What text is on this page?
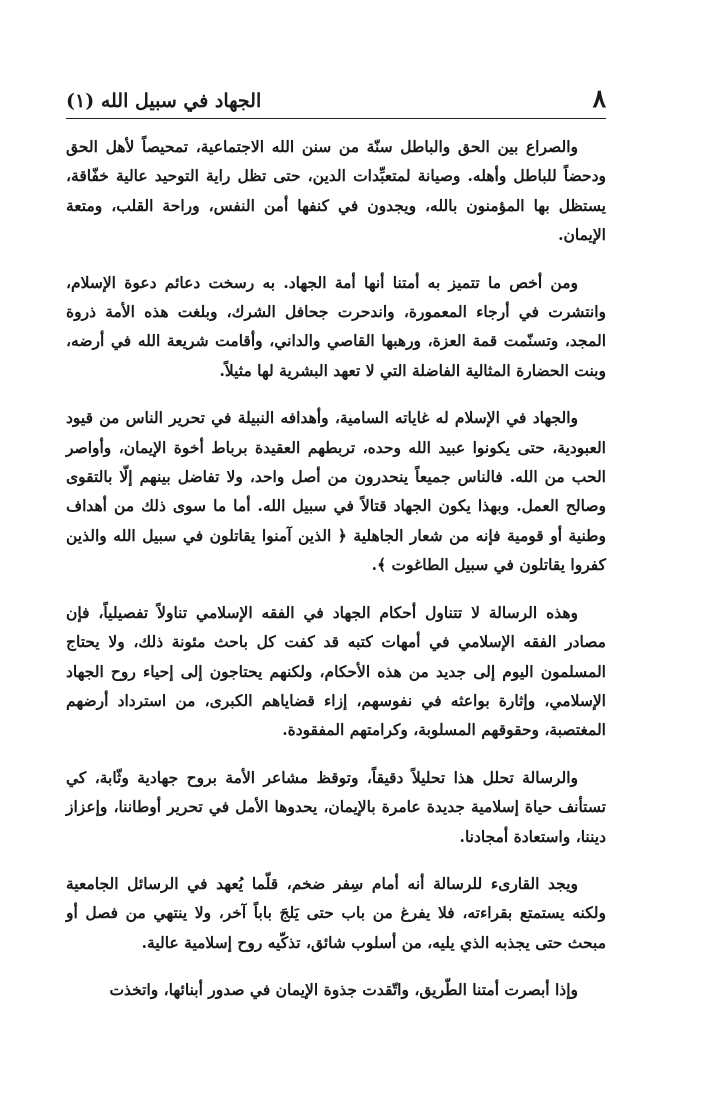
٨
الجهاد في سبيل الله (١)

والصراع بين الحق والباطل سنّة من سنن الله الاجتماعية، تمحيصاً لأهل الحق ودحضاً للباطل وأهله. وصيانة لمتعبِّدات الدين، حتى تظل راية التوحيد عالية خفّاقة، يستظل بها المؤمنون بالله، ويجدون في كنفها أمن النفس، وراحة القلب، ومتعة الإيمان.

ومن أخص ما تتميز به أمتنا أنها أمة الجهاد. به رسخت دعائم دعوة الإسلام، وانتشرت في أرجاء المعمورة، واندحرت جحافل الشرك، وبلغت هذه الأمة ذروة المجد، وتسنّمت قمة العزة، ورهبها القاصي والداني، وأقامت شريعة الله في أرضه، وبنت الحضارة المثالية الفاضلة التي لا تعهد البشرية لها مثيلاً.

والجهاد في الإسلام له غاياته السامية، وأهدافه النبيلة في تحرير الناس من قيود العبودية، حتى يكونوا عبيد الله وحده، تربطهم العقيدة برباط أخوة الإيمان، وأواصر الحب من الله. فالناس جميعاً ينحدرون من أصل واحد، ولا تفاضل بينهم إلّا بالتقوى وصالح العمل. وبهذا يكون الجهاد قتالاً في سبيل الله. أما ما سوى ذلك من أهداف وطنية أو قومية فإنه من شعار الجاهلية ﴿ الذين آمنوا يقاتلون في سبيل الله والذين كفروا يقاتلون في سبيل الطاغوت ﴾.

وهذه الرسالة لا تتناول أحكام الجهاد في الفقه الإسلامي تناولاً تفصيلياً، فإن مصادر الفقه الإسلامي في أمهات كتبه قد كفت كل باحث مئونة ذلك، ولا يحتاج المسلمون اليوم إلى جديد من هذه الأحكام، ولكنهم يحتاجون إلى إحياء روح الجهاد الإسلامي، وإثارة بواعثه في نفوسهم، إزاء قضاياهم الكبرى، من استرداد أرضهم المغتصبة، وحقوقهم المسلوبة، وكرامتهم المفقودة.

والرسالة تحلل هذا تحليلاً دقيقاً، وتوقظ مشاعر الأمة بروح جهادية وثّابة، كي تستأنف حياة إسلامية جديدة عامرة بالإيمان، يحدوها الأمل في تحرير أوطاننا، وإعزاز ديننا، واستعادة أمجادنا.

ويجد القارىء للرسالة أنه أمام سِفر ضخم، قلّما يُعهد في الرسائل الجامعية ولكنه يستمتع بقراءته، فلا يفرغ من باب حتى يَلجَ باباً آخر، ولا ينتهي من فصل أو مبحث حتى يجذبه الذي يليه، من أسلوب شائق، تذكّيه روح إسلامية عالية.

وإذا أبصرت أمتنا الطّريق، واتّقدت جذوة الإيمان في صدور أبنائها، واتخذت
